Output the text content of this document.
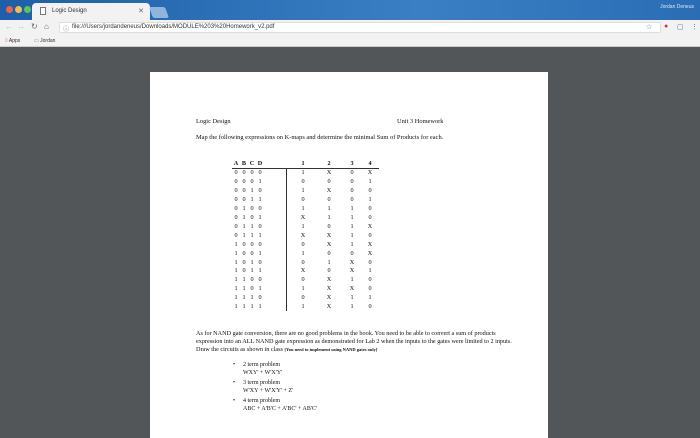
Logic Design	✕
Jordan Deneus
← → ↻ ⌂ ⓘ file:///Users/jordandeneus/Downloads/MODULE%203%20Homework_v2.pdf	☆ ● ▢ ⋮
⁞⁞ Apps	▭ Jordan
Logic Design	Unit 3 Homework
Map the following expressions on K-maps and determine the minimal Sum of Products for each.
As for NAND gate conversion, there are no good problems in the book. You need to be able to convert a sum of products expression into an ALL NAND gate expression as demonstrated for Lab 2 when the inputs to the gates were limited to 2 inputs. Draw the circuits as shown in class [You need to implement using NAND gates only]
A B C D	1	2	3	4
0 0 0 0	1	X	0	X
0 0 0 1	0	0	0	1
0 0 1 0	1	X	0	0
0 0 1 1	0	0	0	1
0 1 0 0	1	1	1	0
0 1 0 1	X	1	1	0
0 1 1 0	1	0	1	X
0 1 1 1	X	X	1	0
1 0 0 0	0	X	1	X
1 0 0 1	1	0	0	X
1 0 1 0	0	1	X	0
1 0 1 1	X	0	X	1
1 1 0 0	0	X	1	0
1 1 0 1	1	X	X	0
1 1 1 0	0	X	1	1
1 1 1 1	1	X	1	0
• 2 term problem
WXY' + W'X'Y'
• 3 term problem
W'XY + W'X'Y' + Z'
• 4 term problem
ABC + A'B'C + A'BC' + AB'C'
